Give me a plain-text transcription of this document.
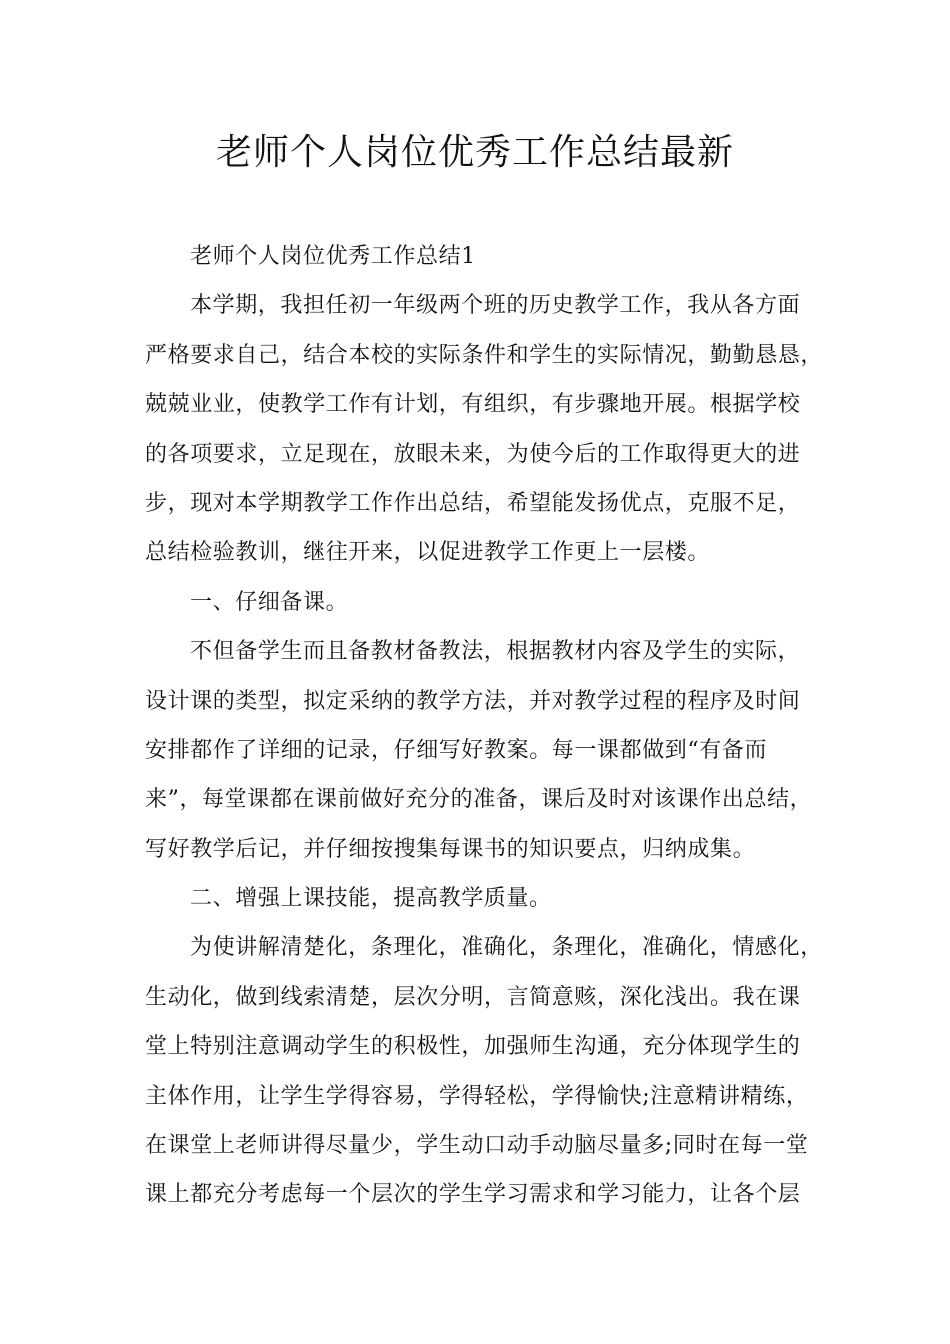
老师个人岗位优秀工作总结最新
老师个人岗位优秀工作总结1
本学期，我担任初一年级两个班的历史教学工作，我从各方面
严格要求自己，结合本校的实际条件和学生的实际情况，勤勤恳恳，
兢兢业业，使教学工作有计划，有组织，有步骤地开展。根据学校
的各项要求，立足现在，放眼未来，为使今后的工作取得更大的进
步，现对本学期教学工作作出总结，希望能发扬优点，克服不足，
总结检验教训，继往开来，以促进教学工作更上一层楼。
一、仔细备课。
不但备学生而且备教材备教法，根据教材内容及学生的实际，
设计课的类型，拟定采纳的教学方法，并对教学过程的程序及时间
安排都作了详细的记录，仔细写好教案。每一课都做到“有备而
来”，每堂课都在课前做好充分的准备，课后及时对该课作出总结，
写好教学后记，并仔细按搜集每课书的知识要点，归纳成集。
二、增强上课技能，提高教学质量。
为使讲解清楚化，条理化，准确化，条理化，准确化，情感化，
生动化，做到线索清楚，层次分明，言简意赅，深化浅出。我在课
堂上特别注意调动学生的积极性，加强师生沟通，充分体现学生的
主体作用，让学生学得容易，学得轻松，学得愉快;注意精讲精练，
在课堂上老师讲得尽量少，学生动口动手动脑尽量多;同时在每一堂
课上都充分考虑每一个层次的学生学习需求和学习能力，让各个层
